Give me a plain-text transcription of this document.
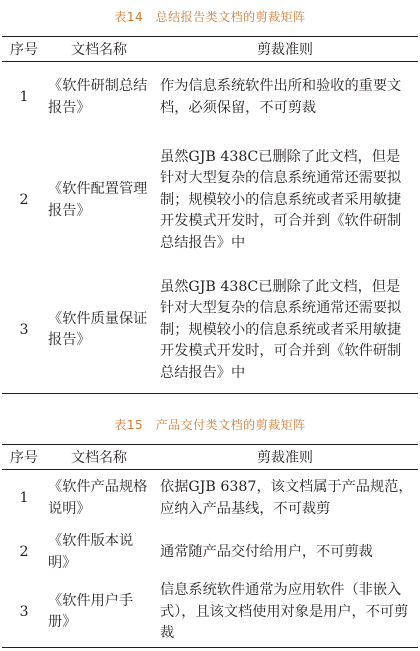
表14　总结报告类文档的剪裁矩阵
序号	文档名称	剪裁准则
1	《软件研制总结报告》	作为信息系统软件出所和验收的重要文档，必须保留，不可剪裁
2	《软件配置管理报告》	虽然GJB 438C已删除了此文档，但是针对大型复杂的信息系统通常还需要拟制；规模较小的信息系统或者采用敏捷开发模式开发时，可合并到《软件研制总结报告》中
3	《软件质量保证报告》	虽然GJB 438C已删除了此文档，但是针对大型复杂的信息系统通常还需要拟制；规模较小的信息系统或者采用敏捷开发模式开发时，可合并到《软件研制总结报告》中
表15　产品交付类文档的剪裁矩阵
序号	文档名称	剪裁准则
1	《软件产品规格说明》	依据GJB 6387，该文档属于产品规范，应纳入产品基线，不可裁剪
2	《软件版本说明》	通常随产品交付给用户，不可剪裁
3	《软件用户手册》	信息系统软件通常为应用软件（非嵌入式），且该文档使用对象是用户，不可剪裁
